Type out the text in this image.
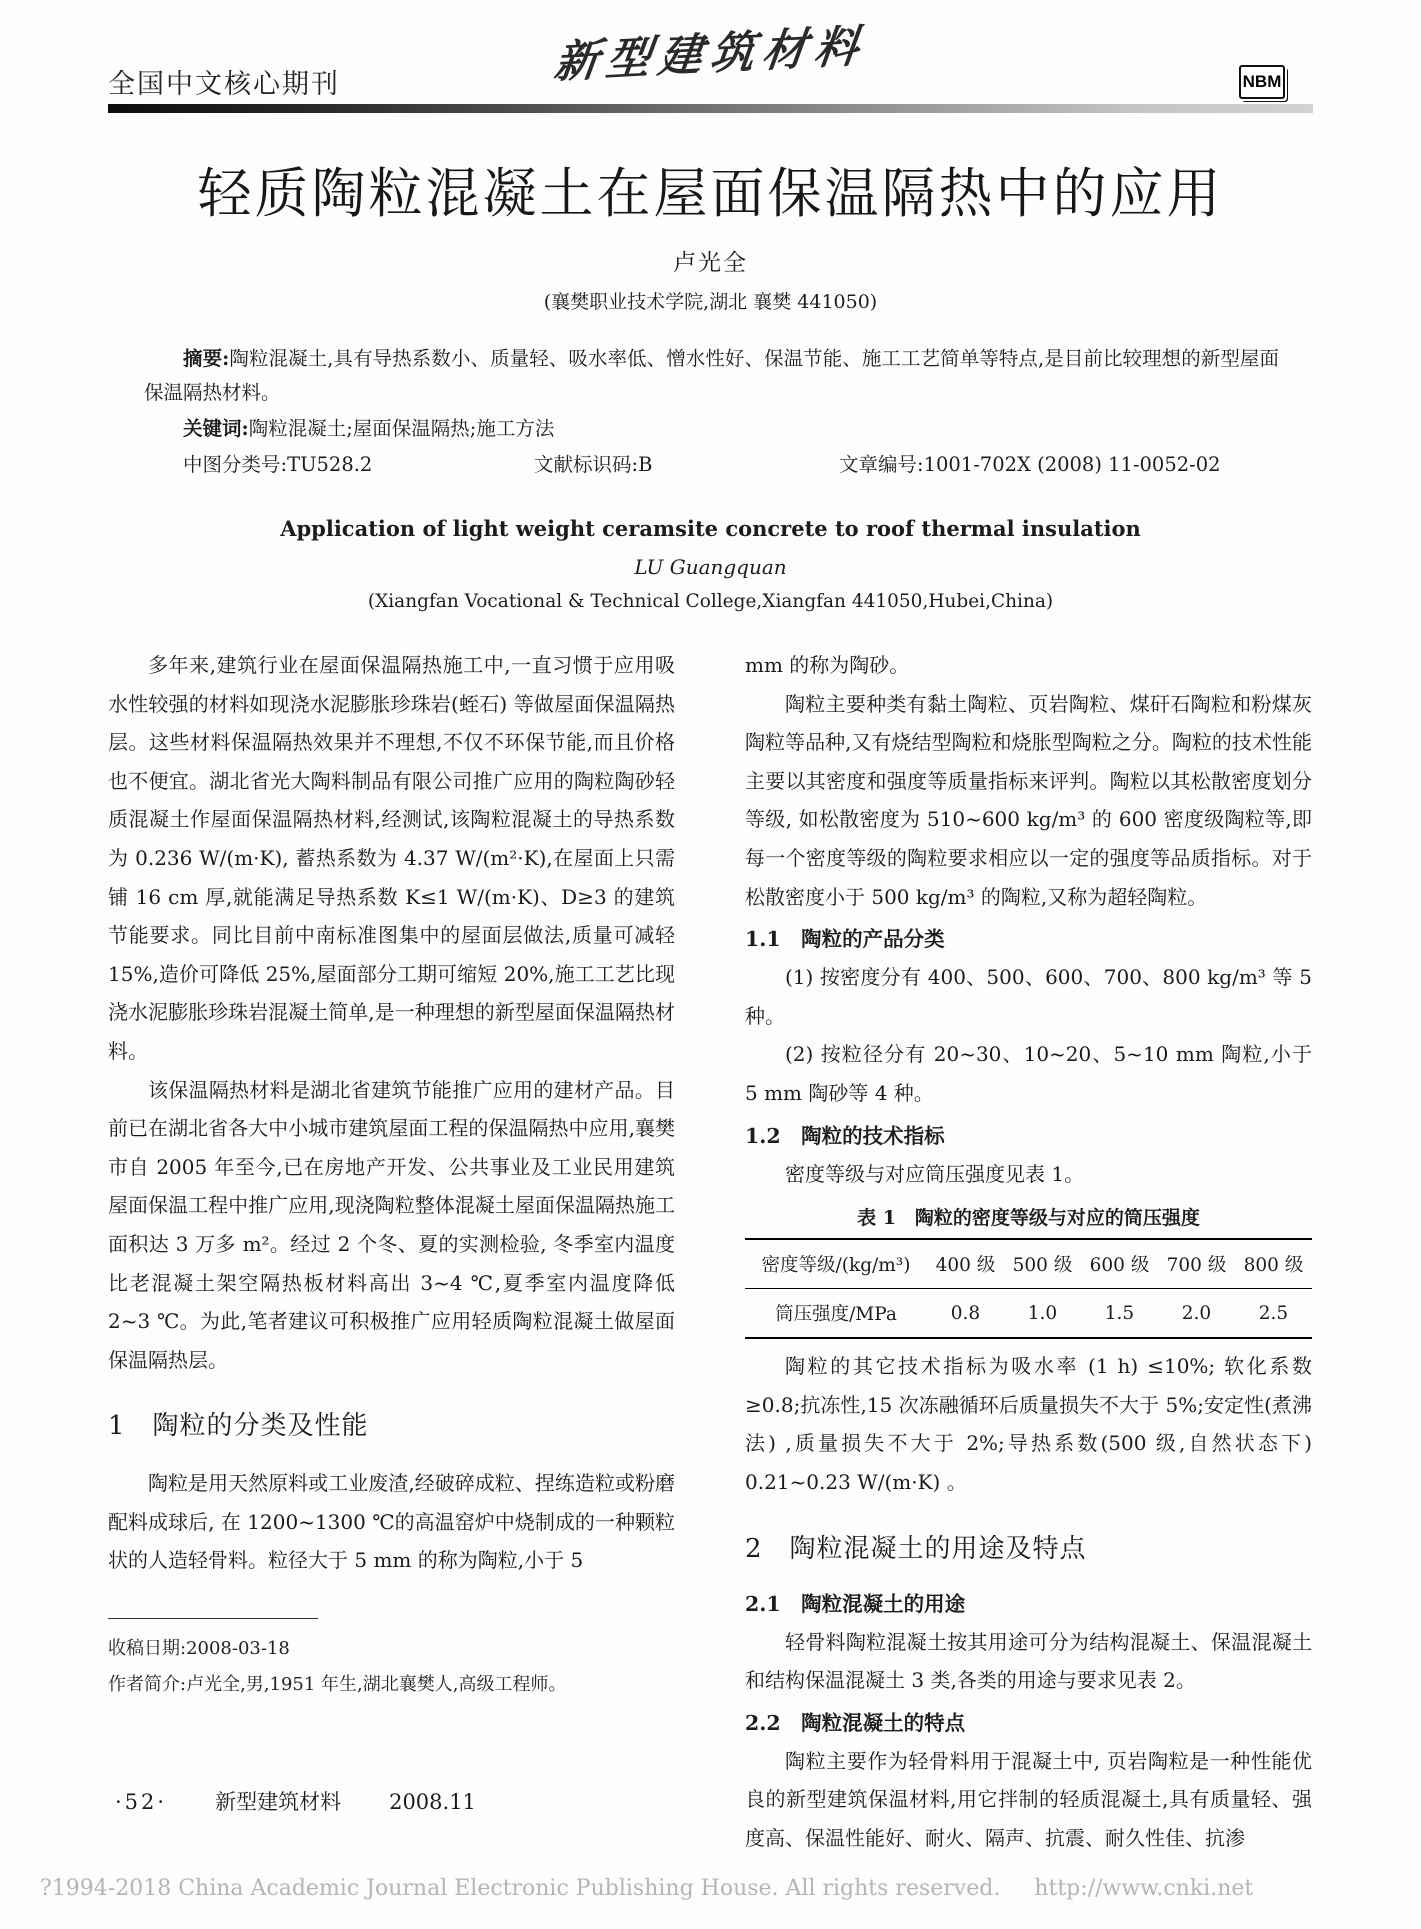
全国中文核心期刊	新型建筑材料	NBM
轻质陶粒混凝土在屋面保温隔热中的应用
卢光全
(襄樊职业技术学院,湖北 襄樊 441050)

摘要:陶粒混凝土,具有导热系数小、质量轻、吸水率低、憎水性好、保温节能、施工工艺简单等特点,是目前比较理想的新型屋面保温隔热材料。

关键词:陶粒混凝土;屋面保温隔热;施工方法

中图分类号:TU528.2	文献标识码:B	文章编号:1001-702X (2008) 11-0052-02
Application of light weight ceramsite concrete to roof thermal insulation
LU Guangquan
(Xiangfan Vocational & Technical College,Xiangfan 441050,Hubei,China)

多年来,建筑行业在屋面保温隔热施工中,一直习惯于应用吸水性较强的材料如现浇水泥膨胀珍珠岩(蛭石) 等做屋面保温隔热层。这些材料保温隔热效果并不理想,不仅不环保节能,而且价格也不便宜。湖北省光大陶料制品有限公司推广应用的陶粒陶砂轻质混凝土作屋面保温隔热材料,经测试,该陶粒混凝土的导热系数为 0.236 W/(m·K), 蓄热系数为 4.37 W/(m²·K),在屋面上只需铺 16 cm 厚,就能满足导热系数 K≤1 W/(m·K)、D≥3 的建筑节能要求。同比目前中南标准图集中的屋面层做法,质量可减轻 15%,造价可降低 25%,屋面部分工期可缩短 20%,施工工艺比现浇水泥膨胀珍珠岩混凝土简单,是一种理想的新型屋面保温隔热材料。

该保温隔热材料是湖北省建筑节能推广应用的建材产品。目前已在湖北省各大中小城市建筑屋面工程的保温隔热中应用,襄樊市自 2005 年至今,已在房地产开发、公共事业及工业民用建筑屋面保温工程中推广应用,现浇陶粒整体混凝土屋面保温隔热施工面积达 3 万多 m²。经过 2 个冬、夏的实测检验, 冬季室内温度比老混凝土架空隔热板材料高出 3~4 ℃,夏季室内温度降低 2~3 ℃。为此,笔者建议可积极推广应用轻质陶粒混凝土做屋面保温隔热层。

1　陶粒的分类及性能

陶粒是用天然原料或工业废渣,经破碎成粒、捏练造粒或粉磨配料成球后, 在 1200~1300 ℃的高温窑炉中烧制成的一种颗粒状的人造轻骨料。粒径大于 5 mm 的称为陶粒,小于 5

收稿日期:2008-03-18

作者简介:卢光全,男,1951 年生,湖北襄樊人,高级工程师。

mm 的称为陶砂。

陶粒主要种类有黏土陶粒、页岩陶粒、煤矸石陶粒和粉煤灰陶粒等品种,又有烧结型陶粒和烧胀型陶粒之分。陶粒的技术性能主要以其密度和强度等质量指标来评判。陶粒以其松散密度划分等级, 如松散密度为 510~600 kg/m³ 的 600 密度级陶粒等,即每一个密度等级的陶粒要求相应以一定的强度等品质指标。对于松散密度小于 500 kg/m³ 的陶粒,又称为超轻陶粒。

1.1　陶粒的产品分类

(1) 按密度分有 400、500、600、700、800 kg/m³ 等 5 种。

(2) 按粒径分有 20~30、10~20、5~10 mm 陶粒,小于 5 mm 陶砂等 4 种。

1.2　陶粒的技术指标

密度等级与对应筒压强度见表 1。

表 1　陶粒的密度等级与对应的筒压强度
密度等级/(kg/m³)	400 级	500 级	600 级	700 级	800 级
筒压强度/MPa	0.8	1.0	1.5	2.0	2.5

陶粒的其它技术指标为吸水率 (1 h) ≤10%; 软化系数≥0.8;抗冻性,15 次冻融循环后质量损失不大于 5%;安定性(煮沸法) ,质量损失不大于 2%;导热系数(500 级,自然状态下) 0.21~0.23 W/(m·K) 。

2　陶粒混凝土的用途及特点
2.1　陶粒混凝土的用途

轻骨料陶粒混凝土按其用途可分为结构混凝土、保温混凝土和结构保温混凝土 3 类,各类的用途与要求见表 2。

2.2　陶粒混凝土的特点

陶粒主要作为轻骨料用于混凝土中, 页岩陶粒是一种性能优良的新型建筑保温材料,用它拌制的轻质混凝土,具有质量轻、强度高、保温性能好、耐火、隔声、抗震、耐久性佳、抗渗

·52· 新型建筑材料 2008.11
?1994-2018 China Academic Journal Electronic Publishing House. All rights reserved. http://www.cnki.net
